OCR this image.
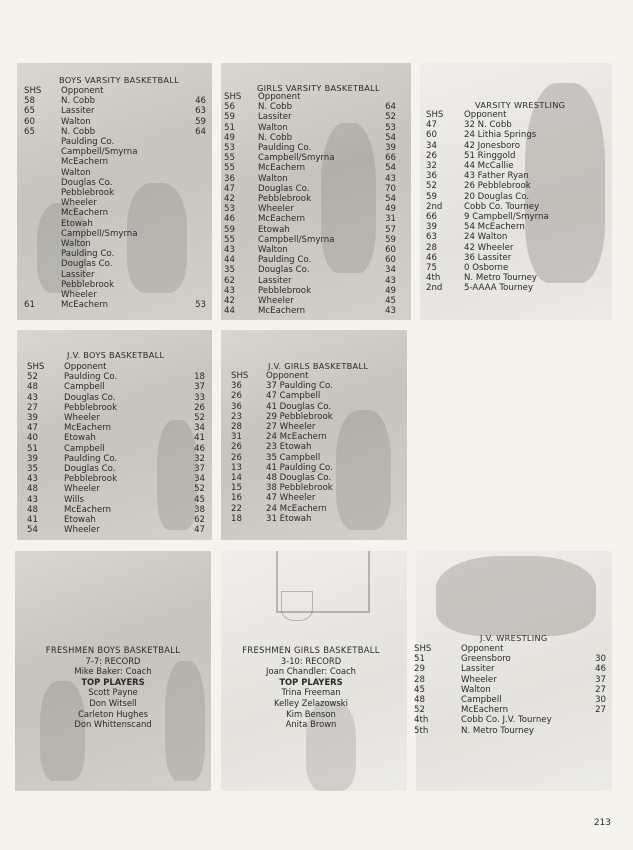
BOYS VARSITY BASKETBALL
SHS	Opponent
58	N. Cobb	46
65	Lassiter	63
60	Walton	59
65	N. Cobb	64
Paulding Co.
Campbell/Smyrna
McEachern
Walton
Douglas Co.
Pebblebrook
Wheeler
McEachern
Etowah
Campbell/Smyrna
Walton
Paulding Co.
Douglas Co.
Lassiter
Pebblebrook
Wheeler
61	McEachern	53
GIRLS VARSITY BASKETBALL
SHS	Opponent
56	N. Cobb	64
59	Lassiter	52
51	Walton	53
49	N. Cobb	54
53	Paulding Co.	39
55	Campbell/Smyrna	66
55	McEachern	54
36	Walton	43
47	Douglas Co.	70
42	Pebblebrook	54
53	Wheeler	49
46	McEachern	31
59	Etowah	57
55	Campbell/Smyrna	59
43	Walton	60
44	Paulding Co.	60
35	Douglas Co.	34
62	Lassiter	43
43	Pebblebrook	49
42	Wheeler	45
44	McEachern	43
VARSITY WRESTLING
SHS	Opponent
47	32 N. Cobb
60	24 Lithia Springs
34	42 Jonesboro
26	51 Ringgold
32	44 McCallie
36	43 Father Ryan
52	26 Pebblebrook
59	20 Douglas Co.
2nd	Cobb Co. Tourney
66	9 Campbell/Smyrna
39	54 McEachern
63	24 Walton
28	42 Wheeler
46	36 Lassiter
75	0 Osborne
4th	N. Metro Tourney
2nd	5-AAAA Tourney
J.V. BOYS BASKETBALL
SHS	Opponent
52	Paulding Co.	18
48	Campbell	37
43	Douglas Co.	33
27	Pebblebrook	26
39	Wheeler	52
47	McEachern	34
40	Etowah	41
51	Campbell	46
39	Paulding Co.	32
35	Douglas Co.	37
43	Pebblebrook	34
48	Wheeler	52
43	Wills	45
48	McEachern	38
41	Etowah	62
54	Wheeler	47
J.V. GIRLS BASKETBALL
SHS	Opponent
36	37 Paulding Co.
26	47 Campbell
36	41 Douglas Co.
23	29 Pebblebrook
28	27 Wheeler
31	24 McEachern
26	23 Etowah
26	35 Campbell
13	41 Paulding Co.
14	48 Douglas Co.
15	38 Pebblebrook
16	47 Wheeler
22	24 McEachern
18	31 Etowah
FRESHMEN BOYS BASKETBALL
7-7: RECORD
Mike Baker: Coach
TOP PLAYERS
Scott Payne
Don Witsell
Carleton Hughes
Don Whittenscand
FRESHMEN GIRLS BASKETBALL
3-10: RECORD
Joan Chandler: Coach
TOP PLAYERS
Trina Freeman
Kelley Zelazowski
Kim Benson
Anita Brown
J.V. WRESTLING
SHS	Opponent
51	Greensboro	30
29	Lassiter	46
28	Wheeler	37
45	Walton	27
48	Campbell	30
52	McEachern	27
4th	Cobb Co. J.V. Tourney
5th	N. Metro Tourney
213
